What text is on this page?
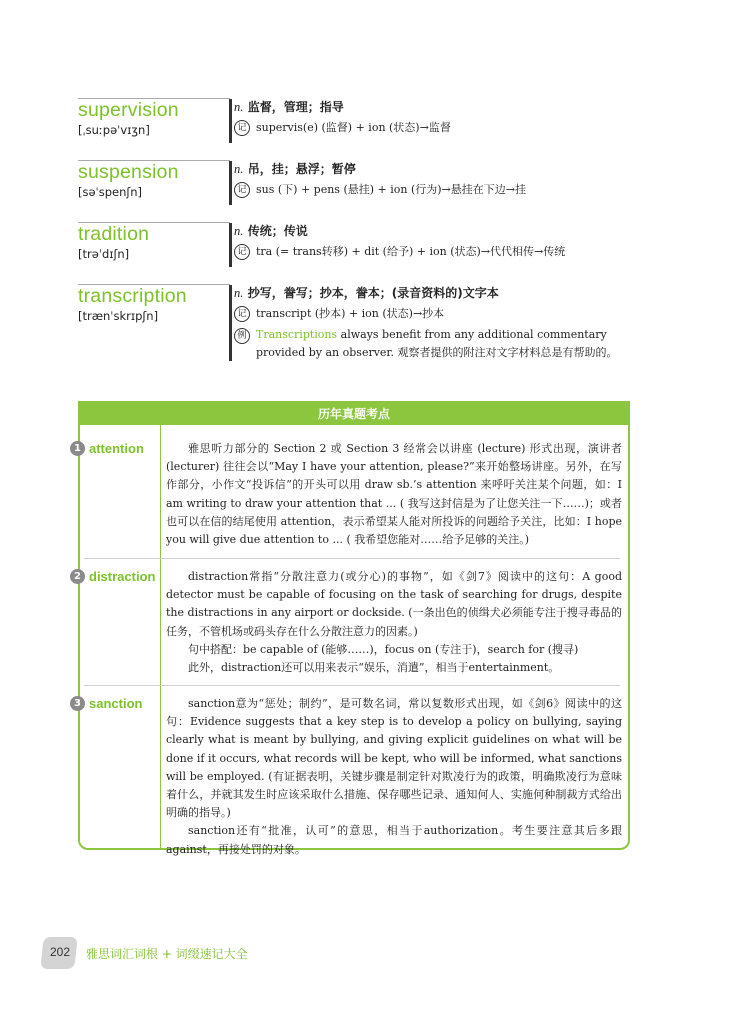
supervision
[ˌsuːpəˈvɪʒn]
n. 监督，管理；指导
记 supervis(e) (监督) + ion (状态)→监督
suspension
[səˈspenʃn]
n. 吊，挂；悬浮；暂停
记 sus (下) + pens (悬挂) + ion (行为)→悬挂在下边→挂
tradition
[trəˈdɪʃn]
n. 传统；传说
记 tra (= trans转移) + dit (给予) + ion (状态)→代代相传→传统
transcription
[trænˈskrɪpʃn]
n. 抄写，誊写；抄本，誊本；(录音资料的)文字本
记 transcript (抄本) + ion (状态)→抄本
例 Transcriptions always benefit from any additional commentary provided by an observer. 观察者提供的附注对文字材料总是有帮助的。
历年真题考点
1 attention	雅思听力部分的 Section 2 或 Section 3 经常会以讲座 (lecture) 形式出现，演讲者 (lecturer) 往往会以“May I have your attention, please?”来开始整场讲座。另外，在写作部分，小作文“投诉信”的开头可以用 draw sb.’s attention 来呼吁关注某个问题，如：I am writing to draw your attention that ... ( 我写这封信是为了让您关注一下……)；或者也可以在信的结尾使用 attention，表示希望某人能对所投诉的问题给予关注，比如：I hope you will give due attention to ... ( 我希望您能对……给予足够的关注。)

2 distraction	distraction常指“分散注意力(或分心)的事物”，如《剑7》阅读中的这句：A good detector must be capable of focusing on the task of searching for drugs, despite the distractions in any airport or dockside. (一条出色的侦缉犬必须能专注于搜寻毒品的任务，不管机场或码头存在什么分散注意力的因素。)

句中搭配：be capable of (能够……)，focus on (专注于)，search for (搜寻)

此外，distraction还可以用来表示“娱乐，消遣”，相当于entertainment。

3 sanction	sanction意为“惩处；制约”，是可数名词，常以复数形式出现，如《剑6》阅读中的这句：Evidence suggests that a key step is to develop a policy on bullying, saying clearly what is meant by bullying, and giving explicit guidelines on what will be done if it occurs, what records will be kept, who will be informed, what sanctions will be employed. (有证据表明，关键步骤是制定针对欺凌行为的政策，明确欺凌行为意味着什么，并就其发生时应该采取什么措施、保存哪些记录、通知何人、实施何种制裁方式给出明确的指导。)

sanction还有“批准，认可”的意思，相当于authorization。考生要注意其后多跟against，再接处罚的对象。

202	雅思词汇词根 + 词缀速记大全
